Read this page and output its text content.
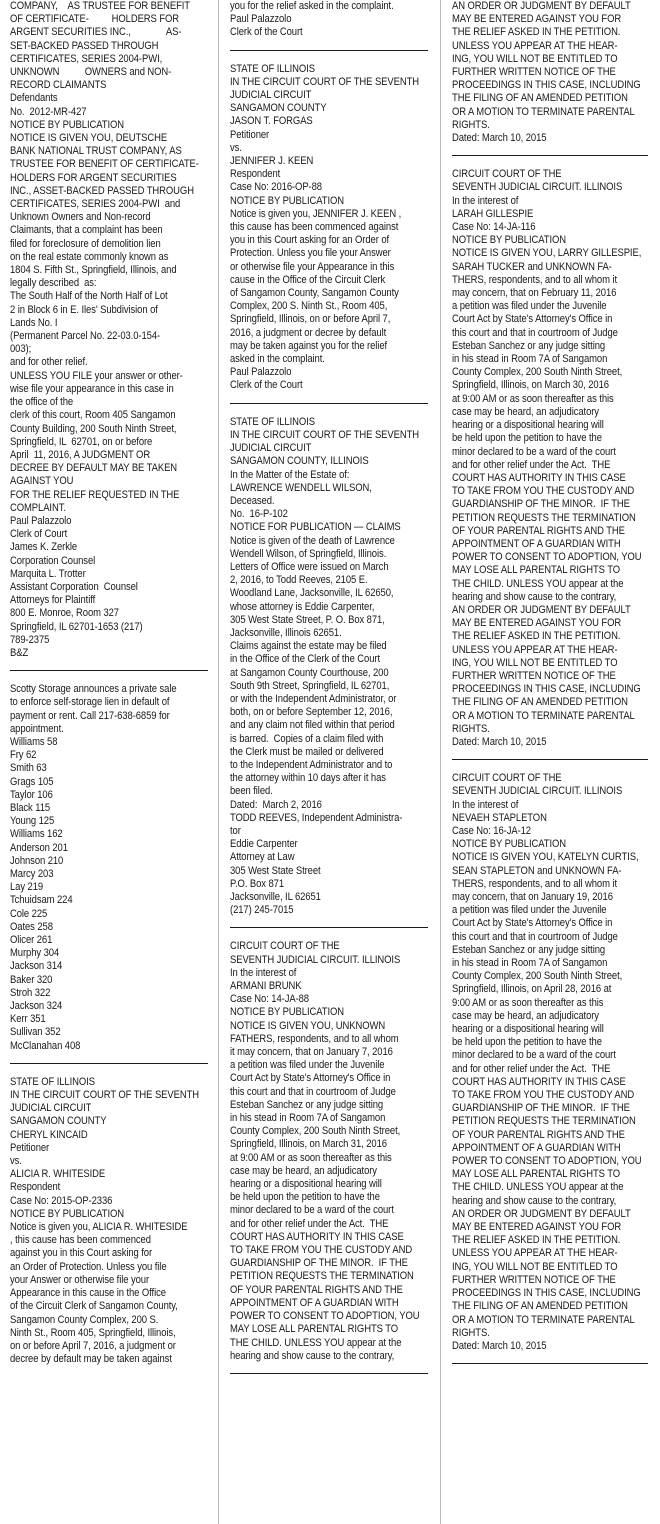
COMPANY,    AS TRUSTEE FOR BENEFIT
OF CERTIFICATE-         HOLDERS FOR
ARGENT SECURITIES INC.,              AS-
SET-BACKED PASSED THROUGH
CERTIFICATES, SERIES 2004-PWI,
UNKNOWN          OWNERS and NON-
RECORD CLAIMANTS
Defendants
No.  2012-MR-427
NOTICE BY PUBLICATION
NOTICE IS GIVEN YOU, DEUTSCHE
BANK NATIONAL TRUST COMPANY, AS
TRUSTEE FOR BENEFIT OF CERTIFICATE-
HOLDERS FOR ARGENT SECURITIES
INC., ASSET-BACKED PASSED THROUGH
CERTIFICATES, SERIES 2004-PWI  and
Unknown Owners and Non-record
Claimants, that a complaint has been
filed for foreclosure of demolition lien
on the real estate commonly known as
1804 S. Fifth St., Springfield, Illinois, and
legally described  as:
The South Half of the North Half of Lot
2 in Block 6 in E. Iles' Subdivision of
Lands No. I
(Permanent Parcel No. 22-03.0-154-
003);
and for other relief.
UNLESS YOU FILE your answer or other-
wise file your appearance in this case in
the office of the
clerk of this court, Room 405 Sangamon
County Building, 200 South Ninth Street,
Springfield, IL  62701, on or before
April  11, 2016, A JUDGMENT OR
DECREE BY DEFAULT MAY BE TAKEN
AGAINST YOU
FOR THE RELIEF REQUESTED IN THE
COMPLAINT.
Paul Palazzolo
Clerk of Court
James K. Zerkle
Corporation Counsel
Marquita L. Trotter
Assistant Corporation  Counsel
Attorneys for Plaintiff
800 E. Monroe, Room 327
Springfield, IL 62701-1653 (217)
789-2375
B&Z
Scotty Storage announces a private sale
to enforce self-storage lien in default of
payment or rent. Call 217-638-6859 for
appointment.
Williams 58
Fry 62
Smith 63
Grags 105
Taylor 106
Black 115
Young 125
Williams 162
Anderson 201
Johnson 210
Marcy 203
Lay 219
Tchuidsam 224
Cole 225
Oates 258
Olicer 261
Murphy 304
Jackson 314
Baker 320
Stroh 322
Jackson 324
Kerr 351
Sullivan 352
McClanahan 408
STATE OF ILLINOIS
IN THE CIRCUIT COURT OF THE SEVENTH
JUDICIAL CIRCUIT
SANGAMON COUNTY
CHERYL KINCAID
Petitioner
vs.
ALICIA R. WHITESIDE
Respondent
Case No: 2015-OP-2336
NOTICE BY PUBLICATION
Notice is given you, ALICIA R. WHITESIDE
, this cause has been commenced
against you in this Court asking for
an Order of Protection. Unless you file
your Answer or otherwise file your
Appearance in this cause in the Office
of the Circuit Clerk of Sangamon County,
Sangamon County Complex, 200 S.
Ninth St., Room 405, Springfield, Illinois,
on or before April 7, 2016, a judgment or
decree by default may be taken against
you for the relief asked in the complaint.
Paul Palazzolo
Clerk of the Court
STATE OF ILLINOIS
IN THE CIRCUIT COURT OF THE SEVENTH
JUDICIAL CIRCUIT
SANGAMON COUNTY
JASON T. FORGAS
Petitioner
vs.
JENNIFER J. KEEN
Respondent
Case No: 2016-OP-88
NOTICE BY PUBLICATION
Notice is given you, JENNIFER J. KEEN ,
this cause has been commenced against
you in this Court asking for an Order of
Protection. Unless you file your Answer
or otherwise file your Appearance in this
cause in the Office of the Circuit Clerk
of Sangamon County, Sangamon County
Complex, 200 S. Ninth St., Room 405,
Springfield, Illinois, on or before April 7,
2016, a judgment or decree by default
may be taken against you for the relief
asked in the complaint.
Paul Palazzolo
Clerk of the Court
STATE OF ILLINOIS
IN THE CIRCUIT COURT OF THE SEVENTH
JUDICIAL CIRCUIT
SANGAMON COUNTY, ILLINOIS
In the Matter of the Estate of:
LAWRENCE WENDELL WILSON,
Deceased.
No.  16-P-102
NOTICE FOR PUBLICATION — CLAIMS
Notice is given of the death of Lawrence
Wendell Wilson, of Springfield, Illinois.
Letters of Office were issued on March
2, 2016, to Todd Reeves, 2105 E.
Woodland Lane, Jacksonville, IL 62650,
whose attorney is Eddie Carpenter,
305 West State Street, P. O. Box 871,
Jacksonville, Illinois 62651.
Claims against the estate may be filed
in the Office of the Clerk of the Court
at Sangamon County Courthouse, 200
South 9th Street, Springfield, IL 62701,
or with the Independent Administrator, or
both, on or before September 12, 2016,
and any claim not filed within that period
is barred.  Copies of a claim filed with
the Clerk must be mailed or delivered
to the Independent Administrator and to
the attorney within 10 days after it has
been filed.
Dated:  March 2, 2016
TODD REEVES, Independent Administra-
tor
Eddie Carpenter
Attorney at Law
305 West State Street
P.O. Box 871
Jacksonville, IL 62651
(217) 245-7015
CIRCUIT COURT OF THE
SEVENTH JUDICIAL CIRCUIT. ILLINOIS
In the interest of
ARMANI BRUNK
Case No: 14-JA-88
NOTICE BY PUBLICATION
NOTICE IS GIVEN YOU, UNKNOWN
FATHERS, respondents, and to all whom
it may concern, that on January 7, 2016
a petition was filed under the Juvenile
Court Act by State's Attorney's Office in
this court and that in courtroom of Judge
Esteban Sanchez or any judge sitting
in his stead in Room 7A of Sangamon
County Complex, 200 South Ninth Street,
Springfield, Illinois, on March 31, 2016
at 9:00 AM or as soon thereafter as this
case may be heard, an adjudicatory
hearing or a dispositional hearing will
be held upon the petition to have the
minor declared to be a ward of the court
and for other relief under the Act.  THE
COURT HAS AUTHORITY IN THIS CASE
TO TAKE FROM YOU THE CUSTODY AND
GUARDIANSHIP OF THE MINOR.  IF THE
PETITION REQUESTS THE TERMINATION
OF YOUR PARENTAL RIGHTS AND THE
APPOINTMENT OF A GUARDIAN WITH
POWER TO CONSENT TO ADOPTION, YOU
MAY LOSE ALL PARENTAL RIGHTS TO
THE CHILD. UNLESS YOU appear at the
hearing and show cause to the contrary,
AN ORDER OR JUDGMENT BY DEFAULT
MAY BE ENTERED AGAINST YOU FOR
THE RELIEF ASKED IN THE PETITION.
UNLESS YOU APPEAR AT THE HEAR-
ING, YOU WILL NOT BE ENTITLED TO
FURTHER WRITTEN NOTICE OF THE
PROCEEDINGS IN THIS CASE, INCLUDING
THE FILING OF AN AMENDED PETITION
OR A MOTION TO TERMINATE PARENTAL
RIGHTS.
Dated: March 10, 2015
CIRCUIT COURT OF THE
SEVENTH JUDICIAL CIRCUIT. ILLINOIS
In the interest of
LARAH GILLESPIE
Case No: 14-JA-116
NOTICE BY PUBLICATION
NOTICE IS GIVEN YOU, LARRY GILLESPIE,
SARAH TUCKER and UNKNOWN FA-
THERS, respondents, and to all whom it
may concern, that on February 11, 2016
a petition was filed under the Juvenile
Court Act by State's Attorney's Office in
this court and that in courtroom of Judge
Esteban Sanchez or any judge sitting
in his stead in Room 7A of Sangamon
County Complex, 200 South Ninth Street,
Springfield, Illinois, on March 30, 2016
at 9:00 AM or as soon thereafter as this
case may be heard, an adjudicatory
hearing or a dispositional hearing will
be held upon the petition to have the
minor declared to be a ward of the court
and for other relief under the Act.  THE
COURT HAS AUTHORITY IN THIS CASE
TO TAKE FROM YOU THE CUSTODY AND
GUARDIANSHIP OF THE MINOR.  IF THE
PETITION REQUESTS THE TERMINATION
OF YOUR PARENTAL RIGHTS AND THE
APPOINTMENT OF A GUARDIAN WITH
POWER TO CONSENT TO ADOPTION, YOU
MAY LOSE ALL PARENTAL RIGHTS TO
THE CHILD. UNLESS YOU appear at the
hearing and show cause to the contrary,
AN ORDER OR JUDGMENT BY DEFAULT
MAY BE ENTERED AGAINST YOU FOR
THE RELIEF ASKED IN THE PETITION.
UNLESS YOU APPEAR AT THE HEAR-
ING, YOU WILL NOT BE ENTITLED TO
FURTHER WRITTEN NOTICE OF THE
PROCEEDINGS IN THIS CASE, INCLUDING
THE FILING OF AN AMENDED PETITION
OR A MOTION TO TERMINATE PARENTAL
RIGHTS.
Dated: March 10, 2015
CIRCUIT COURT OF THE
SEVENTH JUDICIAL CIRCUIT. ILLINOIS
In the interest of
NEVAEH STAPLETON
Case No: 16-JA-12
NOTICE BY PUBLICATION
NOTICE IS GIVEN YOU, KATELYN CURTIS,
SEAN STAPLETON and UNKNOWN FA-
THERS, respondents, and to all whom it
may concern, that on January 19, 2016
a petition was filed under the Juvenile
Court Act by State's Attorney's Office in
this court and that in courtroom of Judge
Esteban Sanchez or any judge sitting
in his stead in Room 7A of Sangamon
County Complex, 200 South Ninth Street,
Springfield, Illinois, on April 28, 2016 at
9:00 AM or as soon thereafter as this
case may be heard, an adjudicatory
hearing or a dispositional hearing will
be held upon the petition to have the
minor declared to be a ward of the court
and for other relief under the Act.  THE
COURT HAS AUTHORITY IN THIS CASE
TO TAKE FROM YOU THE CUSTODY AND
GUARDIANSHIP OF THE MINOR.  IF THE
PETITION REQUESTS THE TERMINATION
OF YOUR PARENTAL RIGHTS AND THE
APPOINTMENT OF A GUARDIAN WITH
POWER TO CONSENT TO ADOPTION, YOU
MAY LOSE ALL PARENTAL RIGHTS TO
THE CHILD. UNLESS YOU appear at the
hearing and show cause to the contrary,
AN ORDER OR JUDGMENT BY DEFAULT
MAY BE ENTERED AGAINST YOU FOR
THE RELIEF ASKED IN THE PETITION.
UNLESS YOU APPEAR AT THE HEAR-
ING, YOU WILL NOT BE ENTITLED TO
FURTHER WRITTEN NOTICE OF THE
PROCEEDINGS IN THIS CASE, INCLUDING
THE FILING OF AN AMENDED PETITION
OR A MOTION TO TERMINATE PARENTAL
RIGHTS.
Dated: March 10, 2015
